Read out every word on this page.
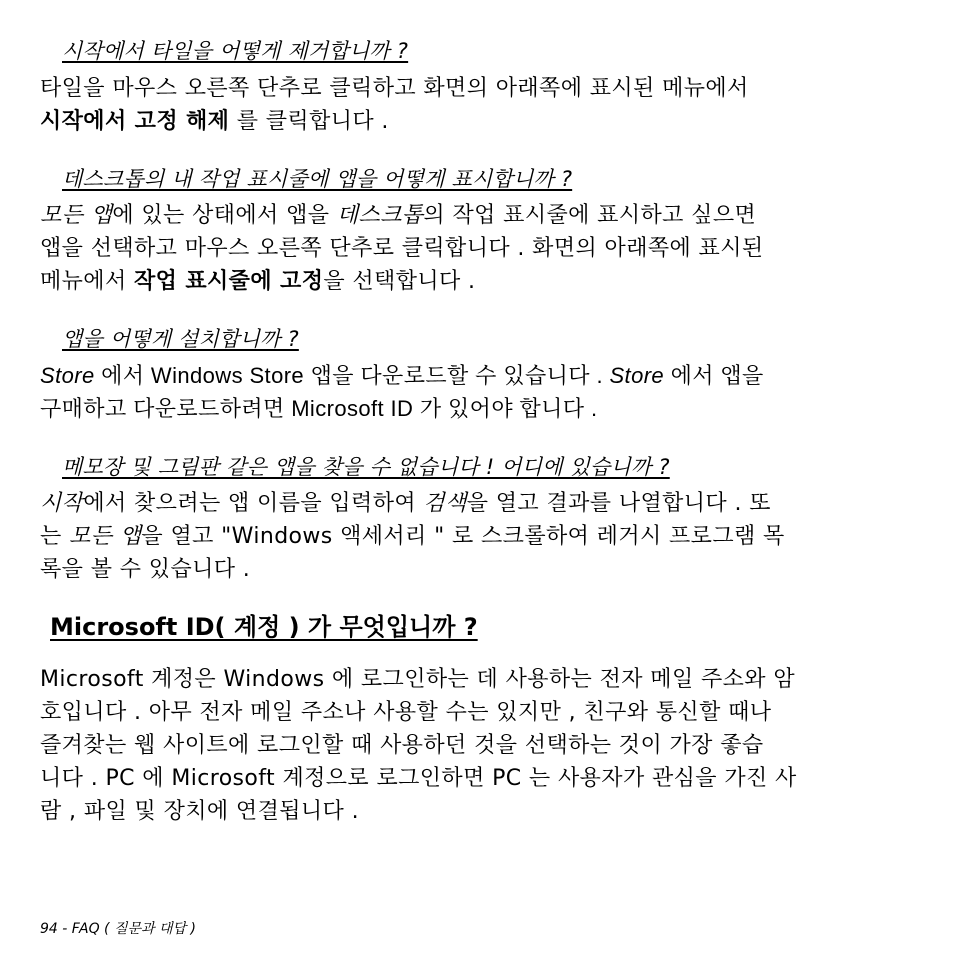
시작에서 타일을 어떻게 제거합니까 ?
타일을 마우스 오른쪽 단추로 클릭하고 화면의 아래쪽에 표시된 메뉴에서
시작에서 고정 해제 를 클릭합니다 .
데스크톱의 내 작업 표시줄에 앱을 어떻게 표시합니까 ?
모든 앱에 있는 상태에서 앱을 데스크톱의 작업 표시줄에 표시하고 싶으면
앱을 선택하고 마우스 오른쪽 단추로 클릭합니다 . 화면의 아래쪽에 표시된
메뉴에서 작업 표시줄에 고정을 선택합니다 .
앱을 어떻게 설치합니까 ?
Store 에서 Windows Store 앱을 다운로드할 수 있습니다 . Store 에서 앱을
구매하고 다운로드하려면 Microsoft ID 가 있어야 합니다 .
메모장 및 그림판 같은 앱을 찾을 수 없습니다 ! 어디에 있습니까 ?
시작에서 찾으려는 앱 이름을 입력하여 검색을 열고 결과를 나열합니다 . 또
는 모든 앱을 열고 "Windows 액세서리 " 로 스크롤하여 레거시 프로그램 목
록을 볼 수 있습니다 .
Microsoft ID( 계정 ) 가 무엇입니까 ?
Microsoft 계정은 Windows 에 로그인하는 데 사용하는 전자 메일 주소와 암
호입니다 . 아무 전자 메일 주소나 사용할 수는 있지만 , 친구와 통신할 때나
즐겨찾는 웹 사이트에 로그인할 때 사용하던 것을 선택하는 것이 가장 좋습
니다 . PC 에 Microsoft 계정으로 로그인하면 PC 는 사용자가 관심을 가진 사
람 , 파일 및 장치에 연결됩니다 .
94 - FAQ ( 질문과 대답 )
